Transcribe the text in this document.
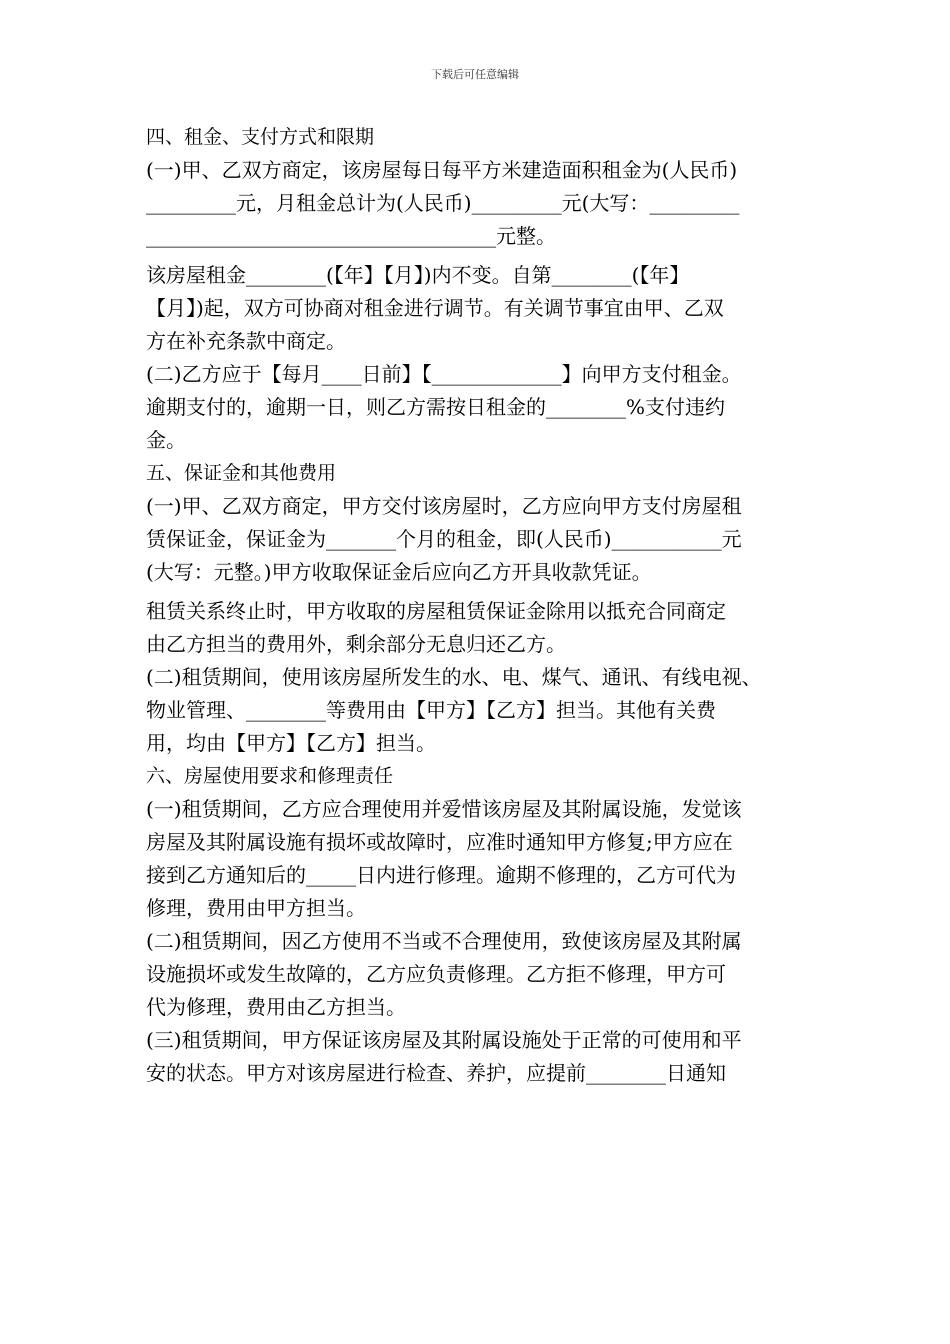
下载后可任意编辑
四、租金、支付方式和限期
(一)甲、乙双方商定，该房屋每日每平方米建造面积租金为(人民币)
_________元，月租金总计为(人民币)_________元(大写：_________
___________________________________元整。
该房屋租金________(【年】【月】)内不变。自第________(【年】
【月】)起，双方可协商对租金进行调节。有关调节事宜由甲、乙双
方在补充条款中商定。
(二)乙方应于【每月____日前】【_____________】向甲方支付租金。
逾期支付的，逾期一日，则乙方需按日租金的________%支付违约
金。
五、保证金和其他费用
(一)甲、乙双方商定，甲方交付该房屋时，乙方应向甲方支付房屋租
赁保证金，保证金为_______个月的租金，即(人民币)___________元
(大写：元整。)甲方收取保证金后应向乙方开具收款凭证。
租赁关系终止时，甲方收取的房屋租赁保证金除用以抵充合同商定
由乙方担当的费用外，剩余部分无息归还乙方。
(二)租赁期间，使用该房屋所发生的水、电、煤气、通讯、有线电视、
物业管理、________等费用由【甲方】【乙方】担当。其他有关费
用，均由【甲方】【乙方】担当。
六、房屋使用要求和修理责任
(一)租赁期间，乙方应合理使用并爱惜该房屋及其附属设施，发觉该
房屋及其附属设施有损坏或故障时，应准时通知甲方修复;甲方应在
接到乙方通知后的_____日内进行修理。逾期不修理的，乙方可代为
修理，费用由甲方担当。
(二)租赁期间，因乙方使用不当或不合理使用，致使该房屋及其附属
设施损坏或发生故障的，乙方应负责修理。乙方拒不修理，甲方可
代为修理，费用由乙方担当。
(三)租赁期间，甲方保证该房屋及其附属设施处于正常的可使用和平
安的状态。甲方对该房屋进行检查、养护，应提前________日通知
